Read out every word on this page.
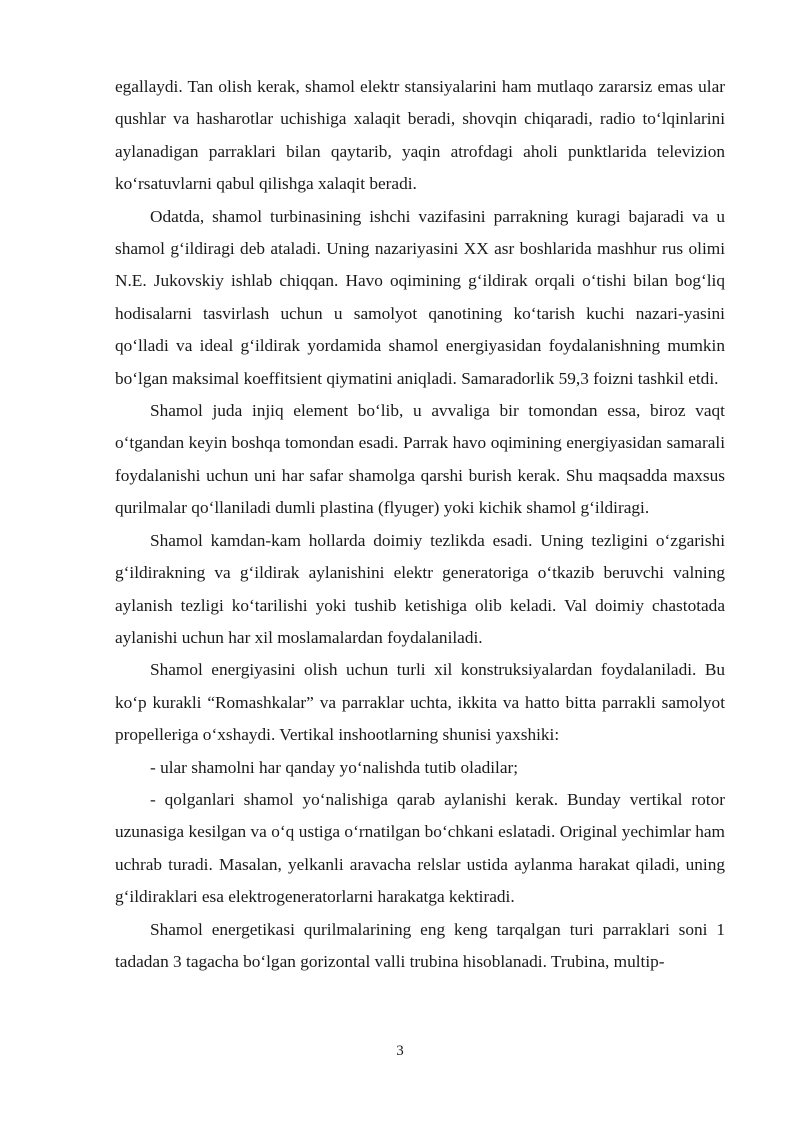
egallaydi. Tan olish kerak, shamol elektr stansiyalarini ham mutlaqo zararsiz emas ular qushlar va hasharotlar uchishiga xalaqit beradi, shovqin chiqaradi, radio to‘lqinlarini aylanadigan parraklari bilan qaytarib, yaqin atrofdagi aholi punktlarida televizion ko‘rsatuvlarni qabul qilishga xalaqit beradi.

Odatda, shamol turbinasining ishchi vazifasini parrakning kuragi bajaradi va u shamol g‘ildiragi deb ataladi. Uning nazariyasini XX asr boshlarida mashhur rus olimi N.E. Jukovskiy ishlab chiqqan. Havo oqimining g‘ildirak orqali o‘tishi bilan bog‘liq hodisalarni tasvirlash uchun u samolyot qanotining ko‘tarish kuchi nazari-yasini qo‘lladi va ideal g‘ildirak yordamida shamol energiyasidan foydalanishning mumkin bo‘lgan maksimal koeffitsient qiymatini aniqladi. Samaradorlik 59,3 foizni tashkil etdi.

Shamol juda injiq element bo‘lib, u avvaliga bir tomondan essa, biroz vaqt o‘tgandan keyin boshqa tomondan esadi. Parrak havo oqimining energiyasidan samarali foydalanishi uchun uni har safar shamolga qarshi burish kerak. Shu maqsadda maxsus qurilmalar qo‘llaniladi dumli plastina (flyuger) yoki kichik shamol g‘ildiragi.

Shamol kamdan-kam hollarda doimiy tezlikda esadi. Uning tezligini o‘zgarishi g‘ildirakning va g‘ildirak aylanishini elektr generatoriga o‘tkazib beruvchi valning aylanish tezligi ko‘tarilishi yoki tushib ketishiga olib keladi. Val doimiy chastotada aylanishi uchun har xil moslamalardan foydalaniladi.

Shamol energiyasini olish uchun turli xil konstruksiyalardan foydalaniladi. Bu ko‘p kurakli “Romashkalar” va parraklar uchta, ikkita va hatto bitta parrakli samolyot propelleriga o‘xshaydi. Vertikal inshootlarning shunisi yaxshiki:

- ular shamolni har qanday yo‘nalishda tutib oladilar;

- qolganlari shamol yo‘nalishiga qarab aylanishi kerak. Bunday vertikal rotor uzunasiga kesilgan va o‘q ustiga o‘rnatilgan bo‘chkani eslatadi. Original yechimlar ham uchrab turadi. Masalan, yelkanli aravacha relslar ustida aylanma harakat qiladi, uning g‘ildiraklari esa elektrogeneratorlarni harakatga kektiradi.

Shamol energetikasi qurilmalarining eng keng tarqalgan turi parraklari soni 1 tadadan 3 tagacha bo‘lgan gorizontal valli trubina hisoblanadi. Trubina, multip-

3
